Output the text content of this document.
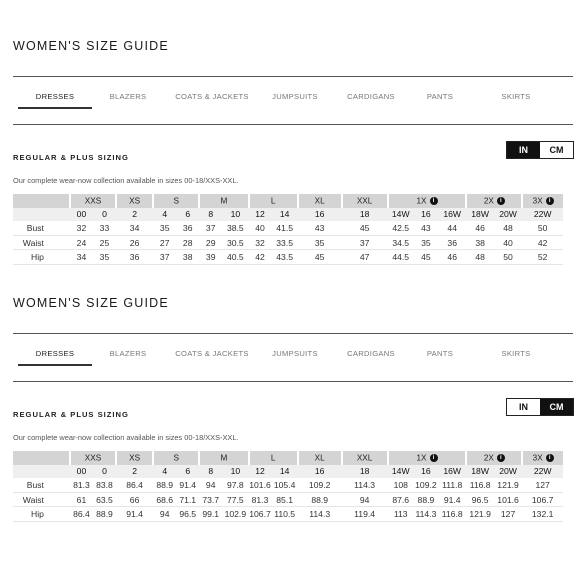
WOMEN'S SIZE GUIDE
DRESSES	BLAZERS	COATS & JACKETS	JUMPSUITS	CARDIGANS	PANTS	SKIRTS
REGULAR & PLUS SIZING
IN	CM
Our complete wear-now collection available in sizes 00-18/XXS-XXL.
	XXS		XS	S		M		L		XL	XXL	1X i			2X i		3X i
	00	0	2	4	6	8	10	12	14	16	18	14W	16	16W	18W	20W	22W
Bust	32	33	34	35	36	37	38.5	40	41.5	43	45	42.5	43	44	46	48	50
Waist	24	25	26	27	28	29	30.5	32	33.5	35	37	34.5	35	36	38	40	42
Hip	34	35	36	37	38	39	40.5	42	43.5	45	47	44.5	45	46	48	50	52
WOMEN'S SIZE GUIDE
DRESSES	BLAZERS	COATS & JACKETS	JUMPSUITS	CARDIGANS	PANTS	SKIRTS
REGULAR & PLUS SIZING
IN	CM
Our complete wear-now collection available in sizes 00-18/XXS-XXL.
	XXS		XS	S		M		L		XL	XXL	1X i			2X i		3X i
	00	0	2	4	6	8	10	12	14	16	18	14W	16	16W	18W	20W	22W
Bust	81.3	83.8	86.4	88.9	91.4	94	97.8	101.6	105.4	109.2	114.3	108	109.2	111.8	116.8	121.9	127
Waist	61	63.5	66	68.6	71.1	73.7	77.5	81.3	85.1	88.9	94	87.6	88.9	91.4	96.5	101.6	106.7
Hip	86.4	88.9	91.4	94	96.5	99.1	102.9	106.7	110.5	114.3	119.4	113	114.3	116.8	121.9	127	132.1
